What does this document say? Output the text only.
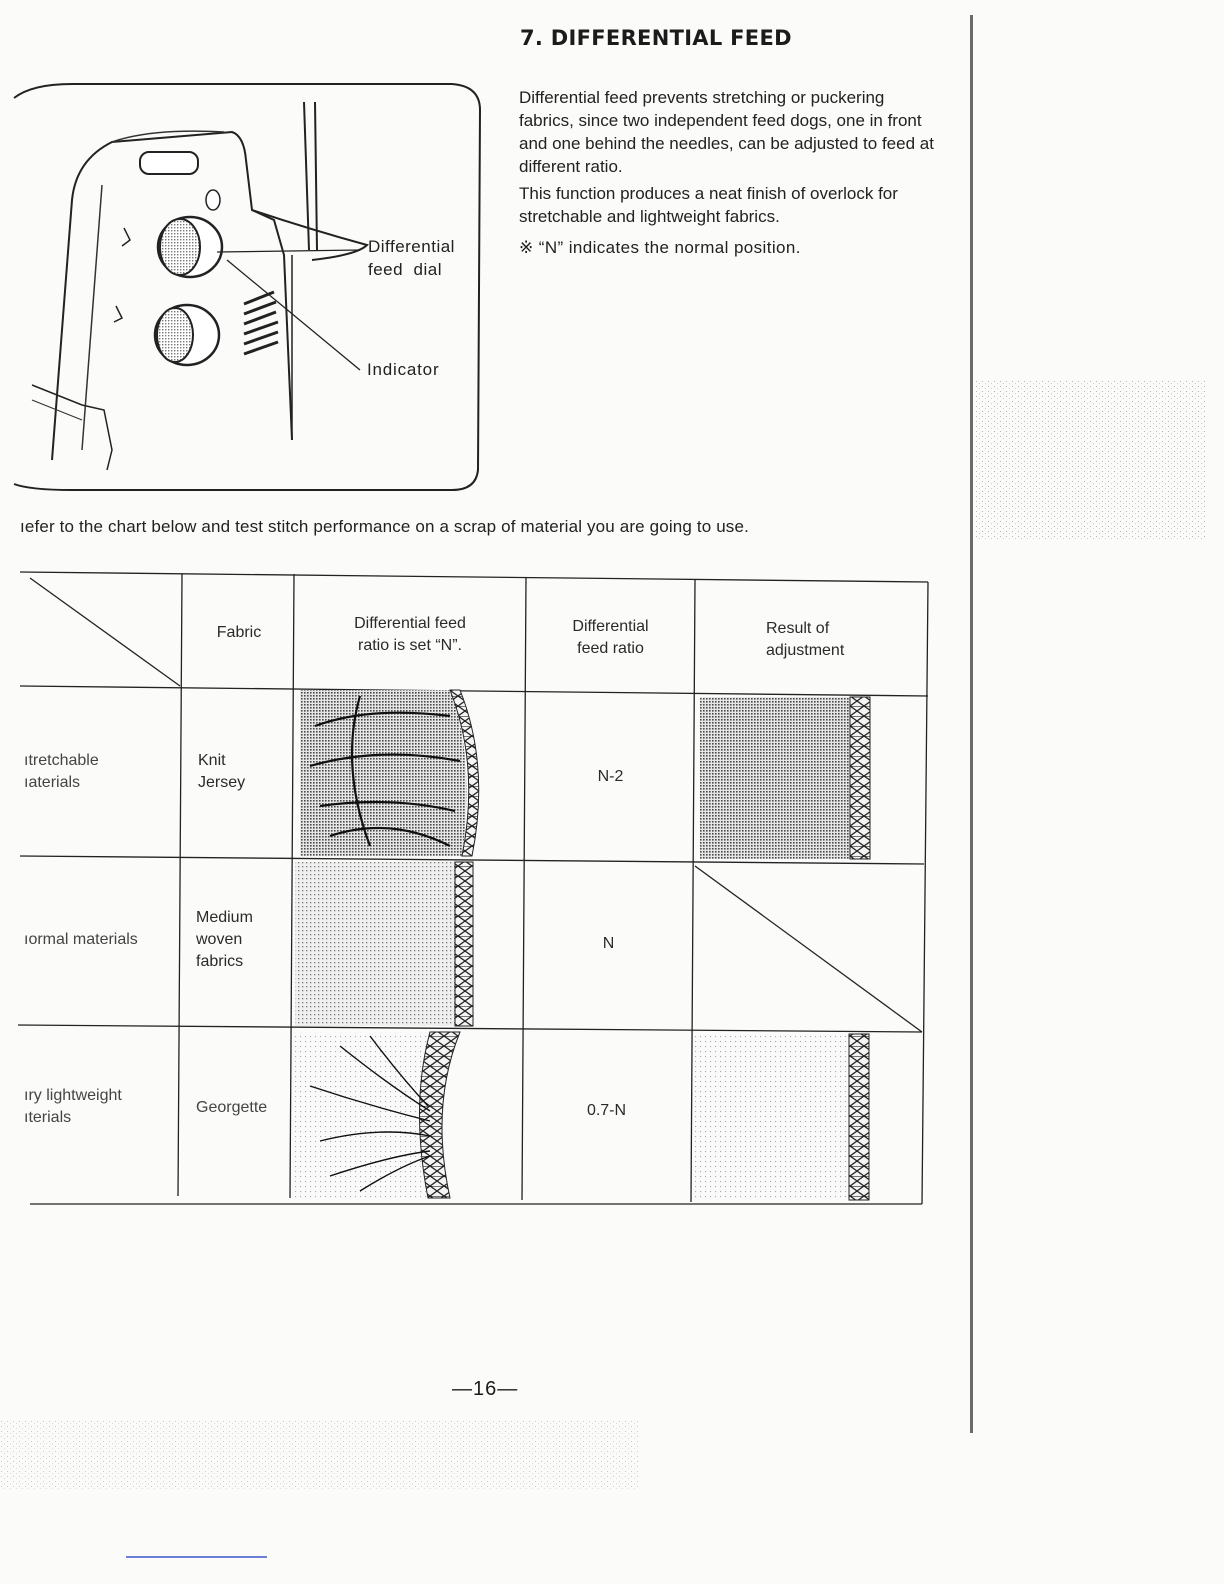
7. DIFFERENTIAL FEED
Differential feed prevents stretching or puckering fabrics, since two independent feed dogs, one in front and one behind the needles, can be adjusted to feed at different ratio.
This function produces a neat finish of overlock for stretchable and lightweight fabrics.
※ “N” indicates the normal position.
Differential
feed  dial
Indicator
ıefer to the chart below and test stitch performance on a scrap of material you are going to use.
Fabric
Differential feed
ratio is set “N”.
Differential
feed ratio
Result of
adjustment
ıtretchable
ıaterials
Knit
Jersey	N-2
ıormal materials
Medium
woven
fabrics
N
ıry lightweight
ıterials
Georgette	0.7-N
—16—
